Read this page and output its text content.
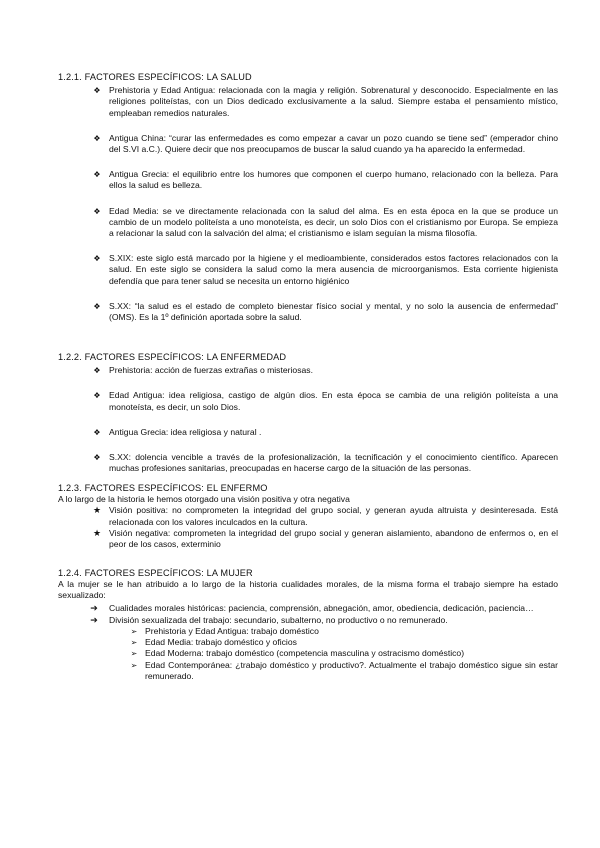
1.2.1. FACTORES ESPECÍFICOS: LA SALUD
❖ Prehistoria y Edad Antigua: relacionada con la magia y religión. Sobrenatural y desconocido. Especialmente en las religiones politeístas, con un Dios dedicado exclusivamente a la salud. Siempre estaba el pensamiento místico, empleaban remedios naturales.
❖ Antigua China: “curar las enfermedades es como empezar a cavar un pozo cuando se tiene sed” (emperador chino del S.VI a.C.). Quiere decir que nos preocupamos de buscar la salud cuando ya ha aparecido la enfermedad.
❖ Antigua Grecia: el equilibrio entre los humores que componen el cuerpo humano, relacionado con la belleza. Para ellos la salud es belleza.
❖ Edad Media: se ve directamente relacionada con la salud del alma. Es en esta época en la que se produce un cambio de un modelo politeísta a uno monoteísta, es decir, un solo Dios con el cristianismo por Europa. Se empieza a relacionar la salud con la salvación del alma; el cristianismo e islam seguían la misma filosofía.
❖ S.XIX: este siglo está marcado por la higiene y el medioambiente, considerados estos factores relacionados con la salud. En este siglo se considera la salud como la mera ausencia de microorganismos. Esta corriente higienista defendía que para tener salud se necesita un entorno higiénico
❖ S.XX: “la salud es el estado de completo bienestar físico social y mental, y no solo la ausencia de enfermedad” (OMS). Es la 1º definición aportada sobre la salud.
1.2.2. FACTORES ESPECÍFICOS: LA ENFERMEDAD
❖ Prehistoria: acción de fuerzas extrañas o misteriosas.
❖ Edad Antigua: idea religiosa, castigo de algún dios. En esta época se cambia de una religión politeísta a una monoteísta, es decir, un solo Dios.
❖ Antigua Grecia: idea religiosa y natural .
❖ S.XX: dolencia vencible a través de la profesionalización, la tecnificación y el conocimiento científico. Aparecen muchas profesiones sanitarias, preocupadas en hacerse cargo de la situación de las personas.
1.2.3. FACTORES ESPECÍFICOS: EL ENFERMO

A lo largo de la historia le hemos otorgado una visión positiva y otra negativa

★ Visión positiva: no comprometen la integridad del grupo social, y generan ayuda altruista y desinteresada. Está relacionada con los valores inculcados en la cultura.
★ Visión negativa: comprometen la integridad del grupo social y generan aislamiento, abandono de enfermos o, en el peor de los casos, exterminio
1.2.4. FACTORES ESPECÍFICOS: LA MUJER

A la mujer se le han atribuido a lo largo de la historia cualidades morales, de la misma forma el trabajo siempre ha estado sexualizado:

➔ Cualidades morales históricas: paciencia, comprensión, abnegación, amor, obediencia, dedicación, paciencia…
➔ División sexualizada del trabajo: secundario, subalterno, no productivo o no remunerado.
➢ Prehistoria y Edad Antigua: trabajo doméstico
➢ Edad Media: trabajo doméstico y oficios
➢ Edad Moderna: trabajo doméstico (competencia masculina y ostracismo doméstico)
➢ Edad Contemporánea: ¿trabajo doméstico y productivo?. Actualmente el trabajo doméstico sigue sin estar remunerado.
